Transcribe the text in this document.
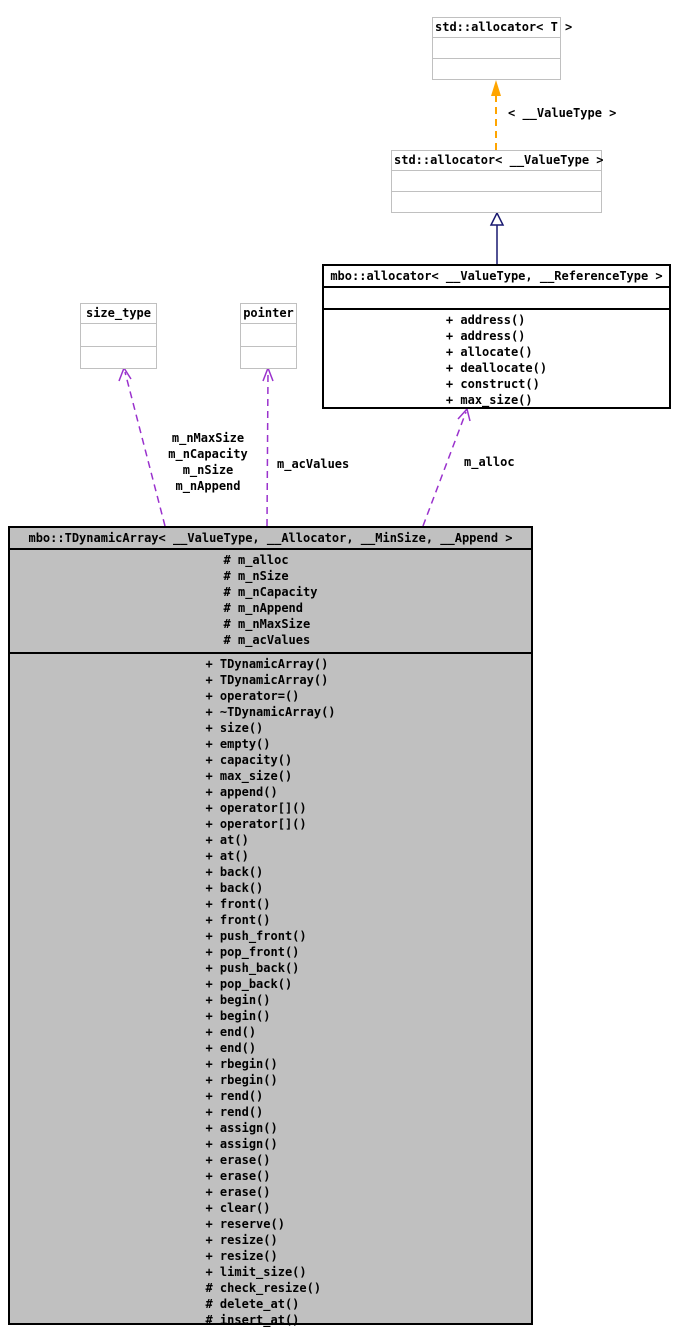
std::allocator< T >
std::allocator< __ValueType >
mbo::allocator< __ValueType, __ReferenceType >
+ address()
+ address()
+ allocate()
+ deallocate()
+ construct()
+ max_size()
size_type	pointer
mbo::TDynamicArray< __ValueType, __Allocator, __MinSize, __Append >
# m_alloc
# m_nSize
# m_nCapacity
# m_nAppend
# m_nMaxSize
# m_acValues
+ TDynamicArray()
+ TDynamicArray()
+ operator=()
+ ~TDynamicArray()
+ size()
+ empty()
+ capacity()
+ max_size()
+ append()
+ operator[]()
+ operator[]()
+ at()
+ at()
+ back()
+ back()
+ front()
+ front()
+ push_front()
+ pop_front()
+ push_back()
+ pop_back()
+ begin()
+ begin()
+ end()
+ end()
+ rbegin()
+ rbegin()
+ rend()
+ rend()
+ assign()
+ assign()
+ erase()
+ erase()
+ erase()
+ clear()
+ reserve()
+ resize()
+ resize()
+ limit_size()
# check_resize()
# delete_at()
# insert_at()
< __ValueType >
m_nMaxSize
m_nCapacity
m_nSize
m_nAppend
m_acValues	m_alloc
